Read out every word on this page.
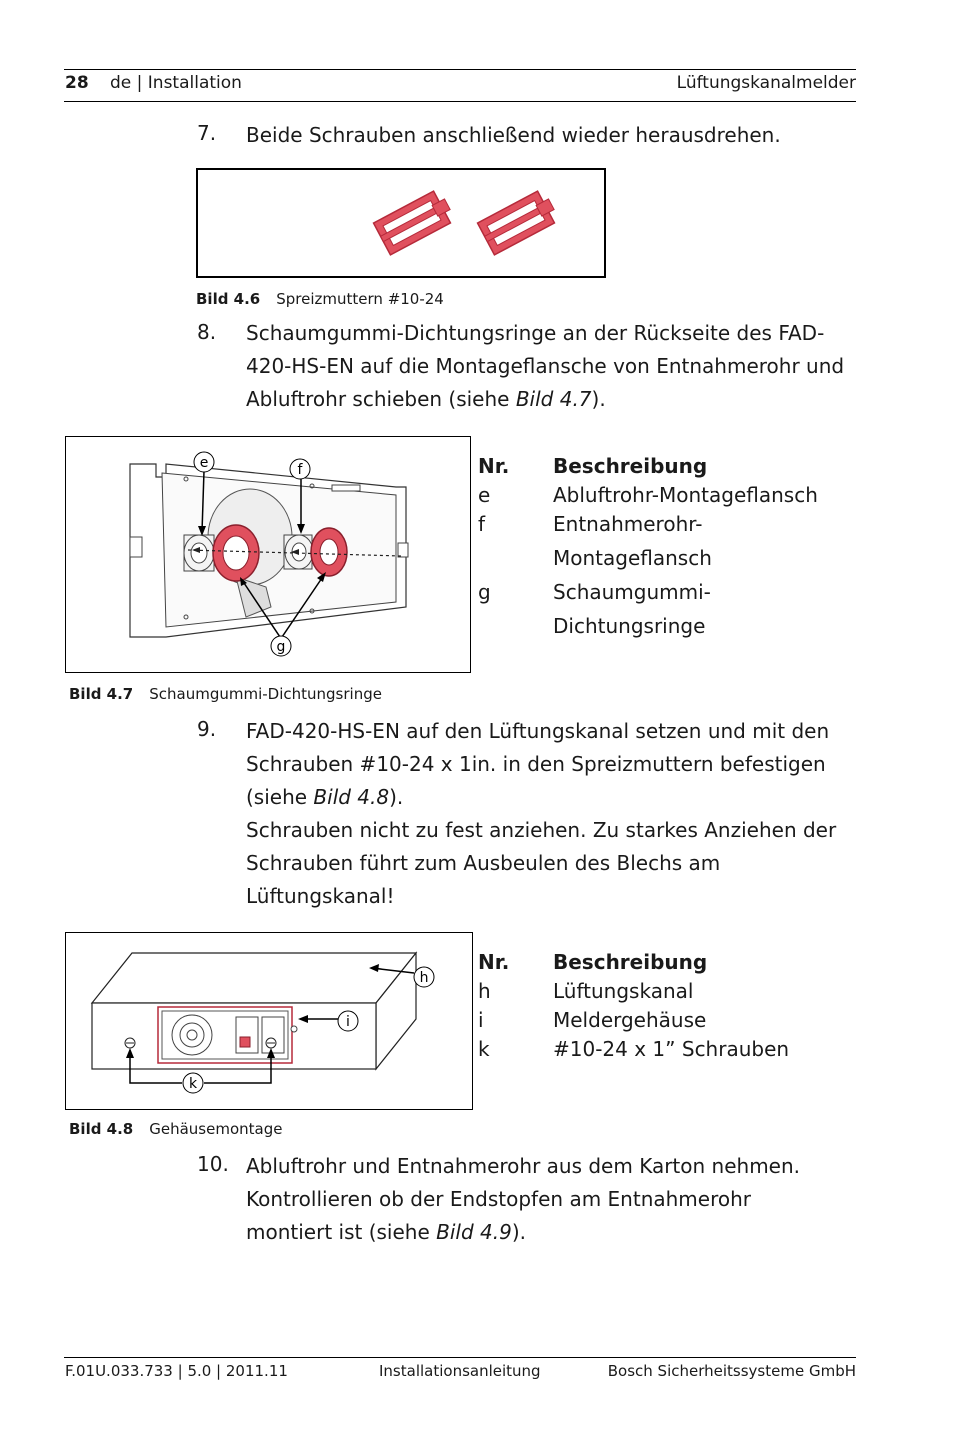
28 de | Installation	Lüftungskanalmelder
7. Beide Schrauben anschließend wieder herausdrehen.
Bild 4.6 Spreizmuttern #10-24
8. Schaumgummi-Dichtungsringe an der Rückseite des FAD-
420-HS-EN auf die Montageflansche von Entnahmerohr und
Abluftrohr schieben (siehe Bild 4.7).
e	f
g
Nr.	Beschreibung
e	Abluftrohr-Montageflansch
f	Entnahmerohr-Montageflansch
g	Schaumgummi-Dichtungsringe
Bild 4.7 Schaumgummi-Dichtungsringe
9. FAD-420-HS-EN auf den Lüftungskanal setzen und mit den
Schrauben #10-24 x 1in. in den Spreizmuttern befestigen
(siehe Bild 4.8).
Schrauben nicht zu fest anziehen. Zu starkes Anziehen der
Schrauben führt zum Ausbeulen des Blechs am
Lüftungskanal!
h
i
k
Nr.	Beschreibung
h	Lüftungskanal
i	Meldergehäuse
k	#10-24 x 1” Schrauben
Bild 4.8 Gehäusemontage
10. Abluftrohr und Entnahmerohr aus dem Karton nehmen.
Kontrollieren ob der Endstopfen am Entnahmerohr
montiert ist (siehe Bild 4.9).
F.01U.033.733 | 5.0 | 2011.11	Installationsanleitung	Bosch Sicherheitssysteme GmbH
